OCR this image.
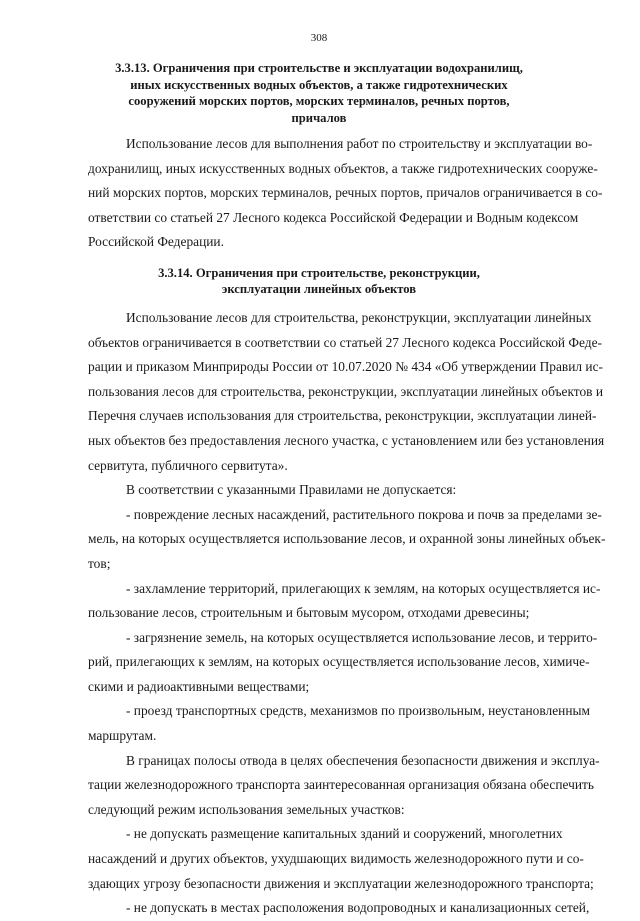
308
3.3.13. Ограничения при строительстве и эксплуатации водохранилищ,
иных искусственных водных объектов, а также гидротехнических
сооружений морских портов, морских терминалов, речных портов,
причалов
Использование лесов для выполнения работ по строительству и эксплуатации во-
дохранилищ, иных искусственных водных объектов, а также гидротехнических сооруже-
ний морских портов, морских терминалов, речных портов, причалов ограничивается в со-
ответствии со статьей 27 Лесного кодекса Российской Федерации и Водным кодексом
Российской Федерации.
3.3.14. Ограничения при строительстве, реконструкции,
эксплуатации линейных объектов
Использование лесов для строительства, реконструкции, эксплуатации линейных
объектов ограничивается в соответствии со статьей 27 Лесного кодекса Российской Феде-
рации и приказом Минприроды России от 10.07.2020 № 434 «Об утверждении Правил ис-
пользования лесов для строительства, реконструкции, эксплуатации линейных объектов и
Перечня случаев использования для строительства, реконструкции, эксплуатации линей-
ных объектов без предоставления лесного участка, с установлением или без установления
сервитута, публичного сервитута».
В соответствии с указанными Правилами не допускается:
- повреждение лесных насаждений, растительного покрова и почв за пределами зе-
мель, на которых осуществляется использование лесов, и охранной зоны линейных объек-
тов;
- захламление территорий, прилегающих к землям, на которых осуществляется ис-
пользование лесов, строительным и бытовым мусором, отходами древесины;
- загрязнение земель, на которых осуществляется использование лесов, и террито-
рий, прилегающих к землям, на которых осуществляется использование лесов, химиче-
скими и радиоактивными веществами;
- проезд транспортных средств, механизмов по произвольным, неустановленным
маршрутам.
В границах полосы отвода в целях обеспечения безопасности движения и эксплуа-
тации железнодорожного транспорта заинтересованная организация обязана обеспечить
следующий режим использования земельных участков:
- не допускать размещение капитальных зданий и сооружений, многолетних
насаждений и других объектов, ухудшающих видимость железнодорожного пути и со-
здающих угрозу безопасности движения и эксплуатации железнодорожного транспорта;
- не допускать в местах расположения водопроводных и канализационных сетей,
